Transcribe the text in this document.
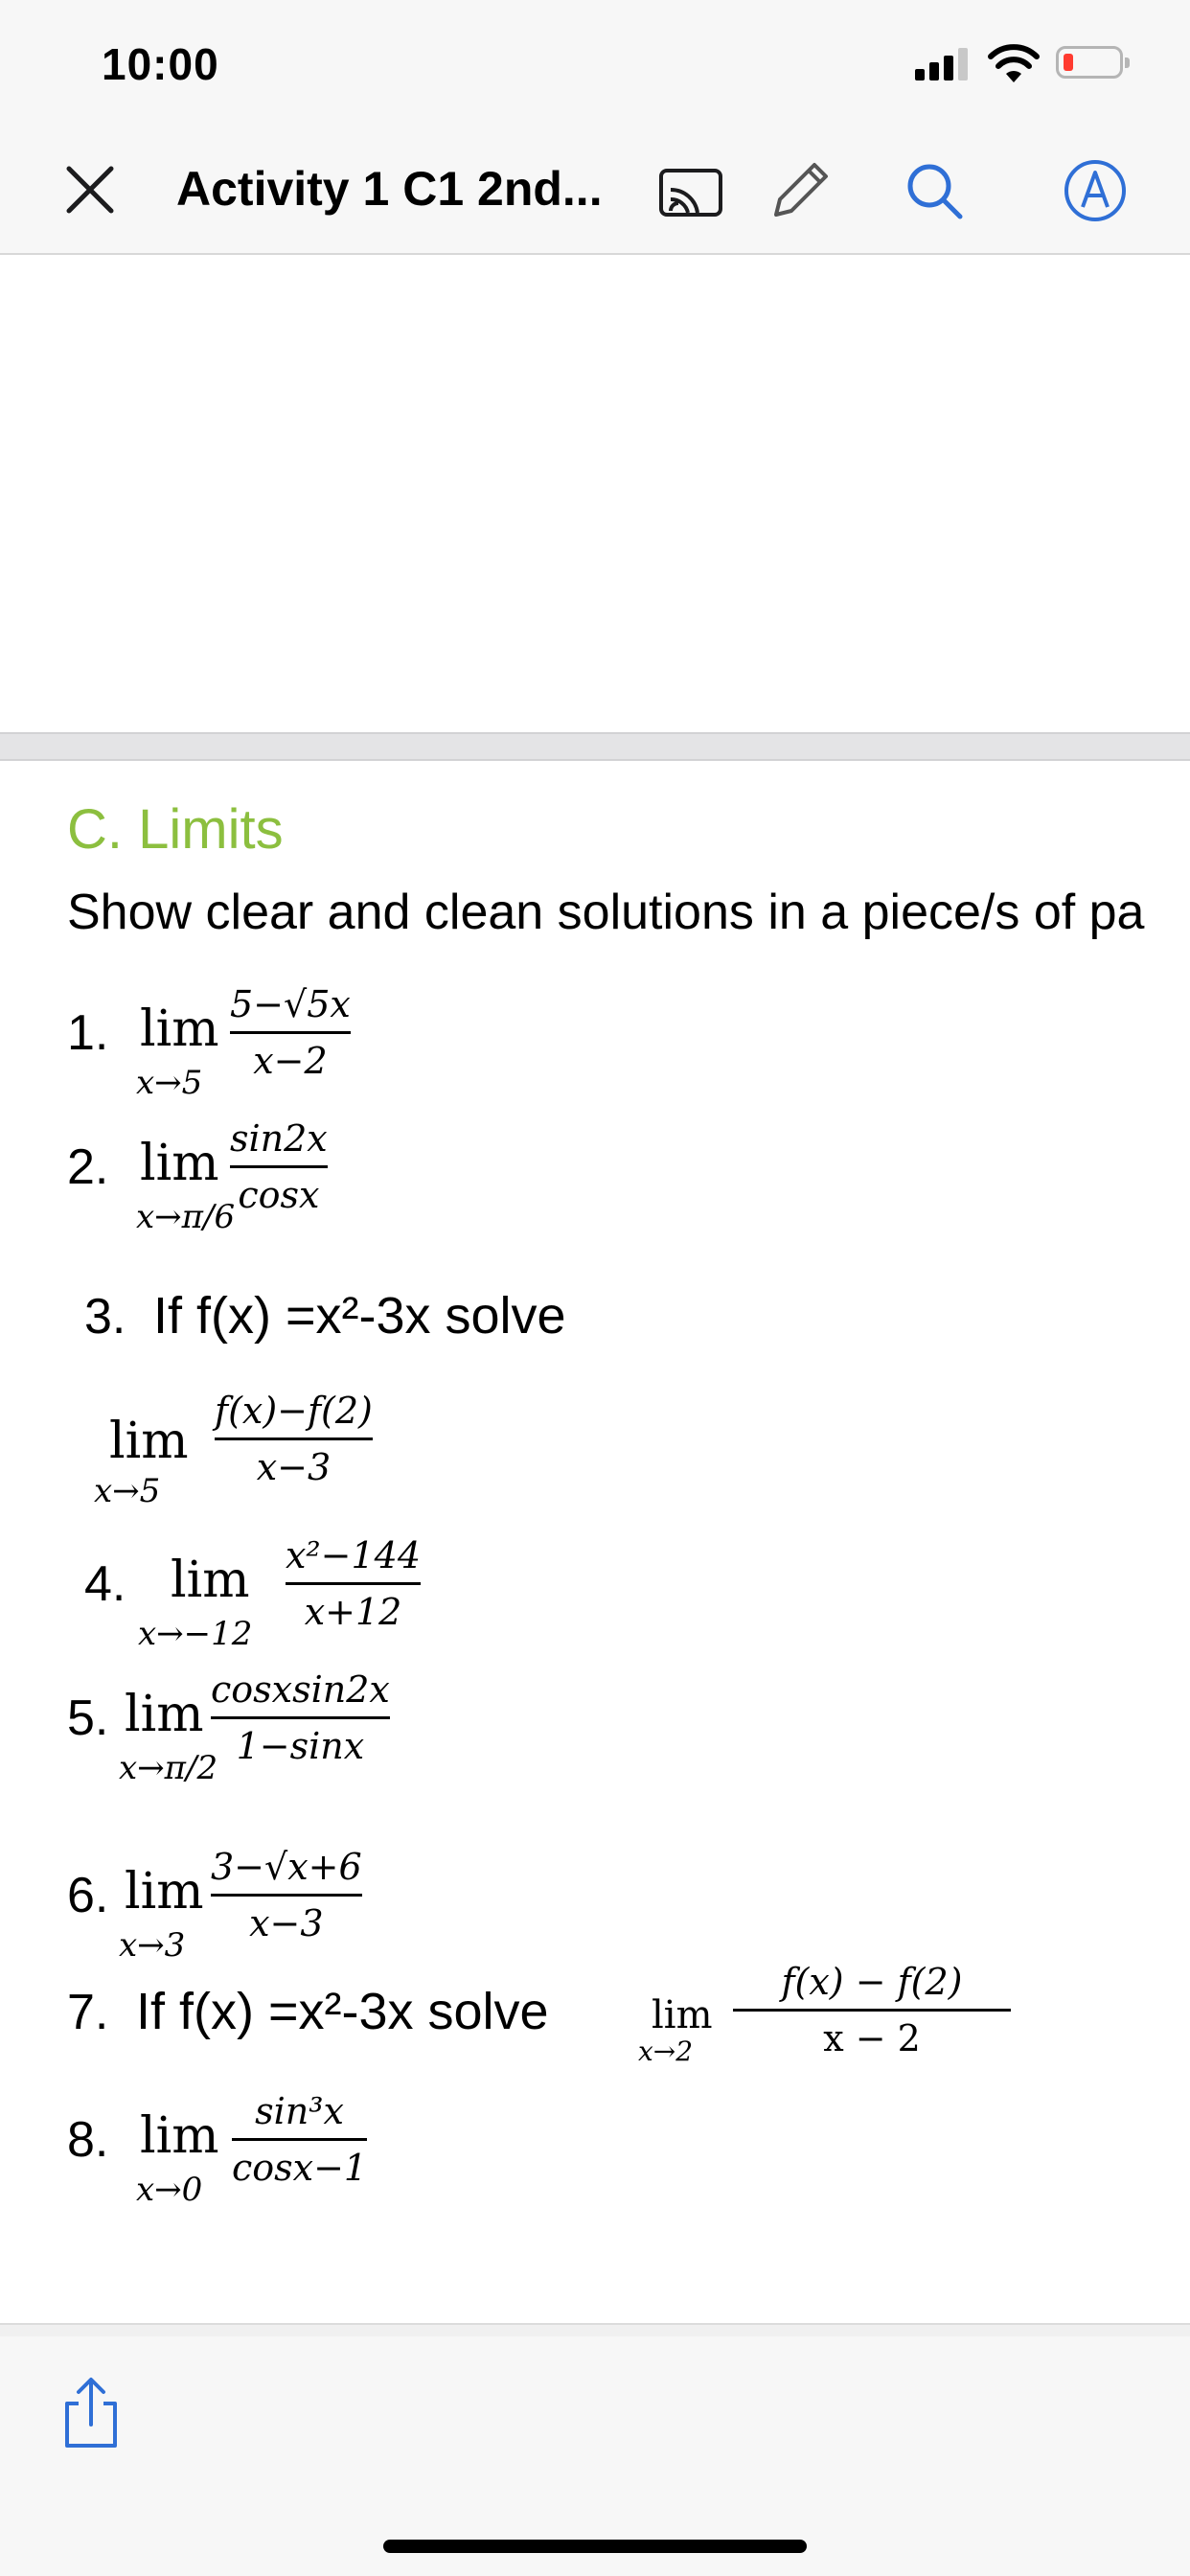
10:00
Activity 1 C1 2nd...
C. Limits
Show clear and clean solutions in a piece/s of pa
1. lim
x→5
5−√5x
x−2
2. lim
x→π/6
sin2x
cosx
3. If f(x) =x²-3x solve
lim
x→5
f(x)−f(2)
x−3
4. lim
x→−12
x²−144
x+12
5. lim
x→π/2
cosxsin2x
1−sinx
6. lim
x→3
3−√x+6
x−3
7. If f(x) =x²-3x solve	lim
x→2
f(x) − f(2)
x − 2
8. lim
x→0
sin³x
cosx−1
